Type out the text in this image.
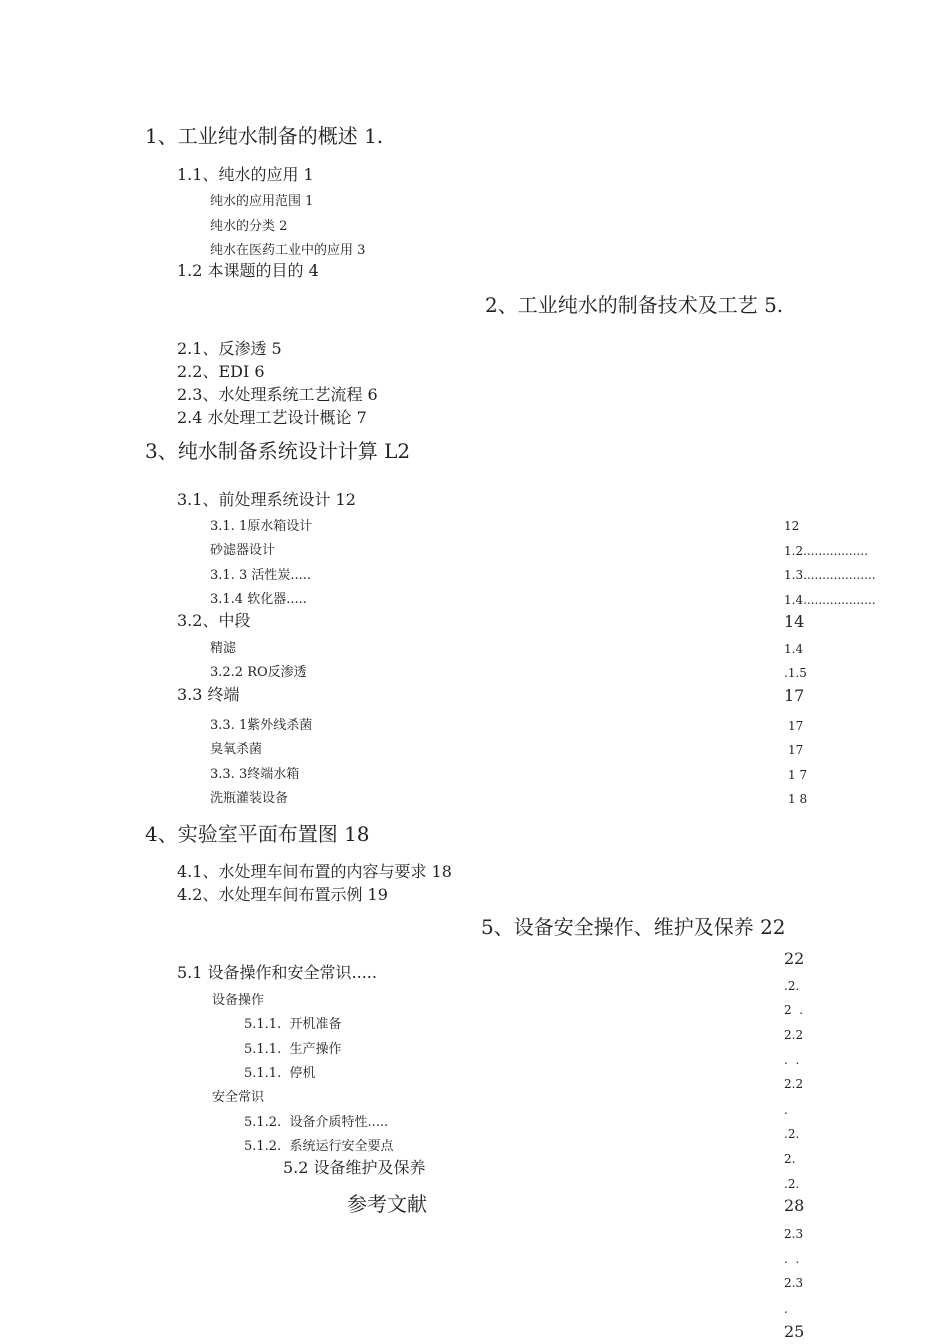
1、工业纯水制备的概述 1.
1.1、纯水的应用 1
纯水的应用范围 1
纯水的分类 2
纯水在医药工业中的应用 3
1.2 本课题的目的 4
2、工业纯水的制备技术及工艺 5.
2.1、反渗透 5
2.2、EDI 6
2.3、水处理系统工艺流程 6
2.4 水处理工艺设计概论 7
3、纯水制备系统设计计算 L2
3.1、前处理系统设计 12
3.1. 1原水箱设计
砂滤器设计
3.1. 3 活性炭.....
3.1.4 软化器.....
3.2、中段
精滤
3.2.2 RO反渗透
3.3 终端
3.3. 1紫外线杀菌
臭氧杀菌
3.3. 3终端水箱
洗瓶灌装设备
4、实验室平面布置图 18
4.1、水处理车间布置的内容与要求 18
4.2、水处理车间布置示例 19
5、设备安全操作、维护及保养 22
5.1 设备操作和安全常识.....
设备操作
5.1.1.  开机准备
5.1.1.  生产操作
5.1.1.  停机
安全常识
5.1.2.  设备介质特性.....
5.1.2.  系统运行安全要点
5.2 设备维护及保养
参考文献
12
1.2.................
1.3...................
1.4...................
14
1.4
.1.5
17
17
17
1 7
1 8
22
.2.
2  .
2.2
.  .
2.2
.
.2.
2.
.2.
28
2.3
.  .
2.3
.
25
